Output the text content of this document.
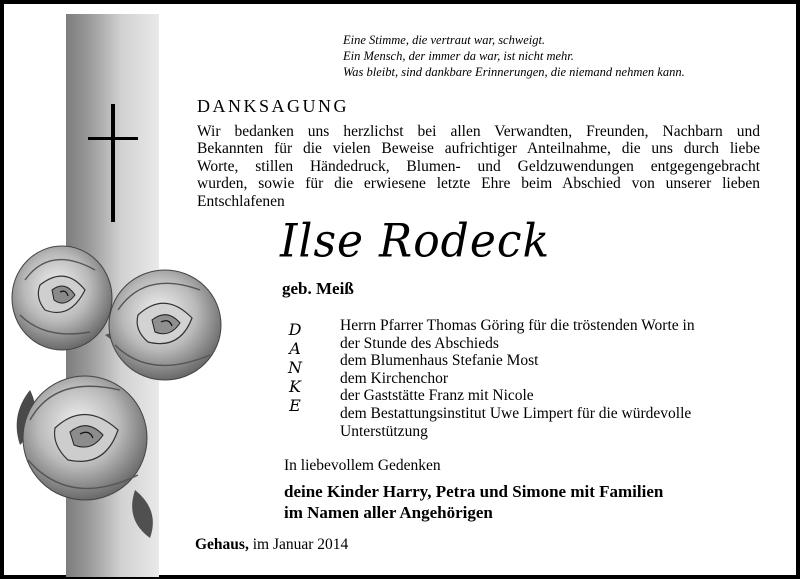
Eine Stimme, die vertraut war, schweigt.
Ein Mensch, der immer da war, ist nicht mehr.
Was bleibt, sind dankbare Erinnerungen, die niemand nehmen kann.
DANKSAGUNG
Wir bedanken uns herzlichst bei allen Verwandten, Freunden, Nachbarn und
Bekannten für die vielen Beweise aufrichtiger Anteilnahme, die uns durch liebe
Worte, stillen Händedruck, Blumen- und Geldzuwendungen entgegengebracht
wurden, sowie für die erwiesene letzte Ehre beim Abschied von unserer lieben
Entschlafenen
Ilse Rodeck
geb. Meiß
D
A
N
K
E
Herrn Pfarrer Thomas Göring für die tröstenden Worte in
der Stunde des Abschieds
dem Blumenhaus Stefanie Most
dem Kirchenchor
der Gaststätte Franz mit Nicole
dem Bestattungsinstitut Uwe Limpert für die würdevolle
Unterstützung
In liebevollem Gedenken
deine Kinder Harry, Petra und Simone mit Familien
im Namen aller Angehörigen
Gehaus, im Januar 2014
